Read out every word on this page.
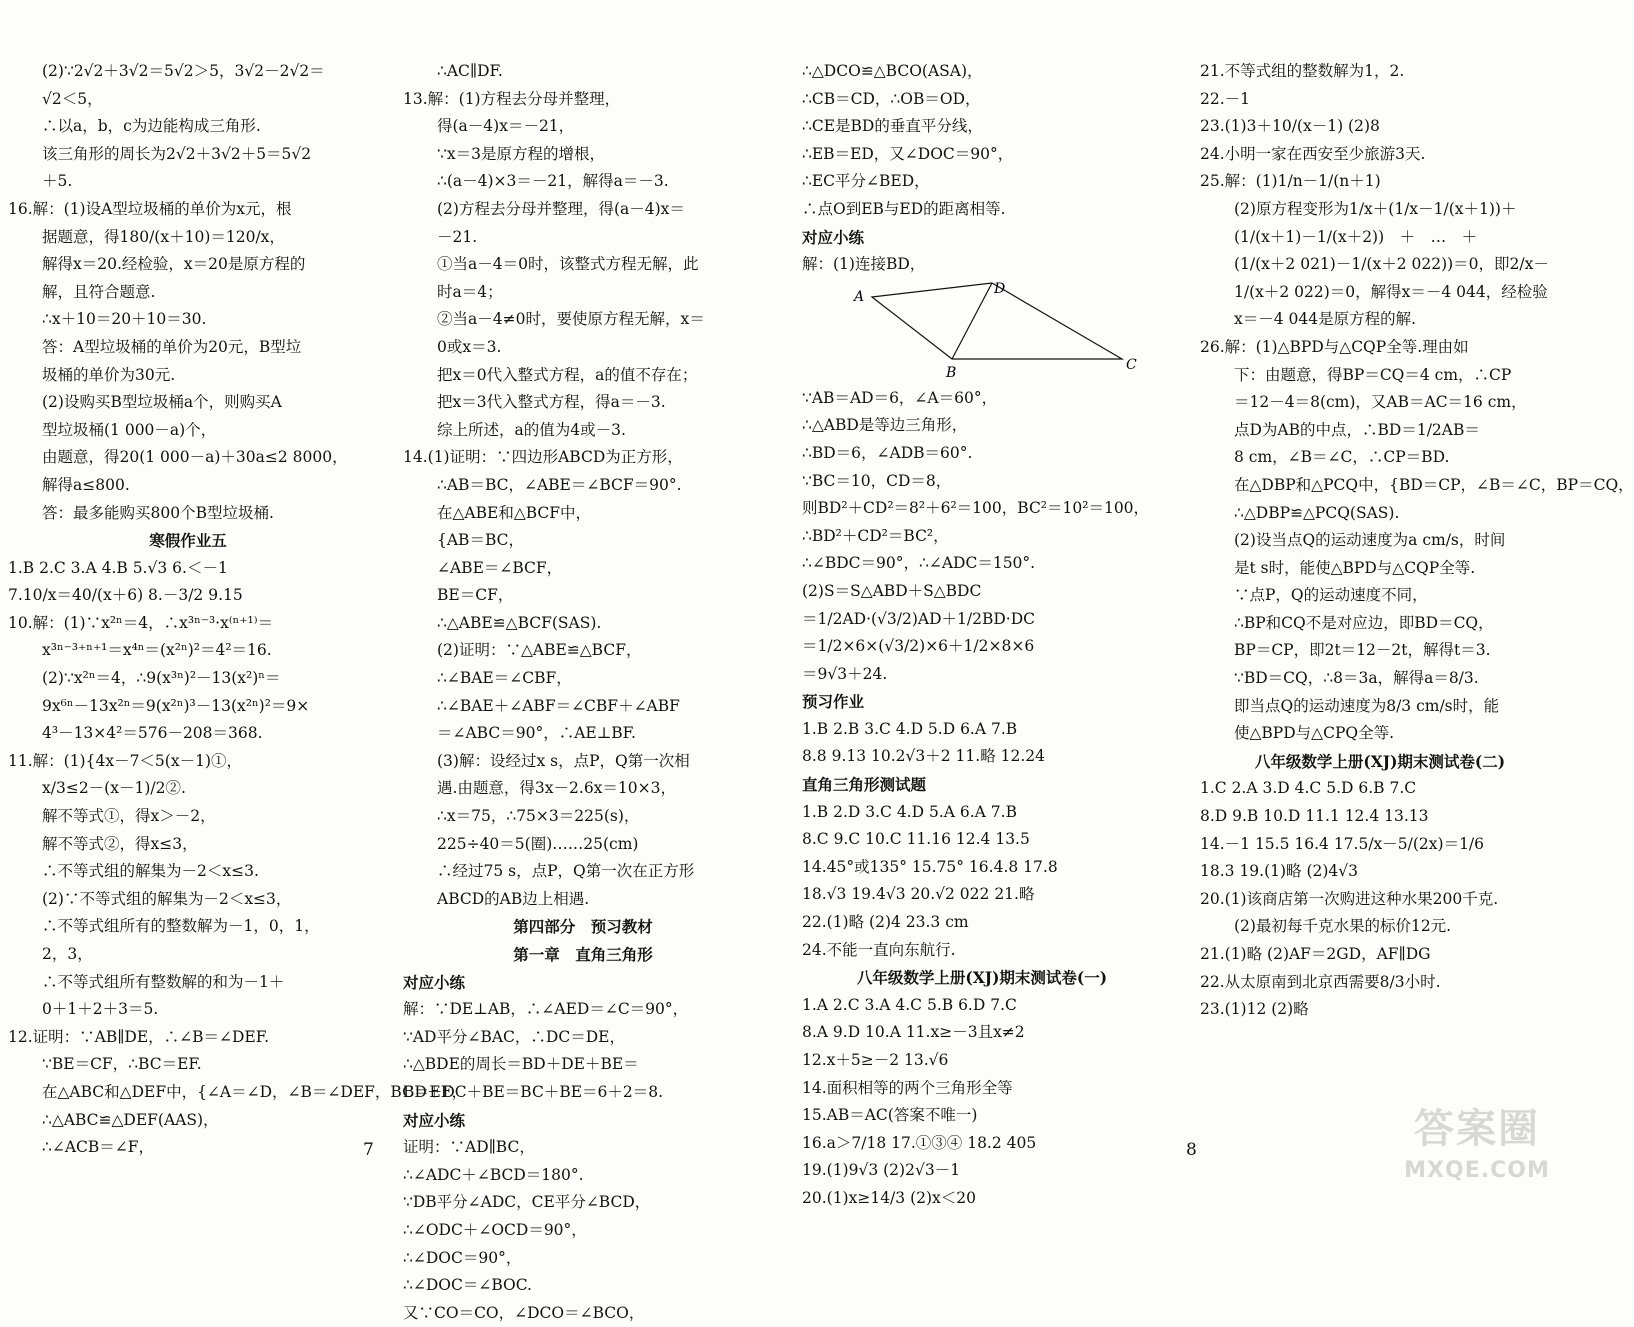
(2)∵2√2＋3√2＝5√2＞5，3√2－2√2＝
√2＜5，
∴以a，b，c为边能构成三角形.
该三角形的周长为2√2＋3√2＋5＝5√2
＋5.
16.解：(1)设A型垃圾桶的单价为x元，根
据题意，得180/(x＋10)＝120/x，
解得x＝20.经检验，x＝20是原方程的
解，且符合题意.
∴x＋10＝20＋10＝30.
答：A型垃圾桶的单价为20元，B型垃
圾桶的单价为30元.
(2)设购买B型垃圾桶a个，则购买A
型垃圾桶(1 000－a)个，
由题意，得20(1 000－a)＋30a≤2 8000，
解得a≤800.
答：最多能购买800个B型垃圾桶.
寒假作业五
1.B 2.C 3.A 4.B 5.√3 6.＜－1
7.10/x＝40/(x＋6) 8.－3/2 9.15
10.解：(1)∵x²ⁿ＝4，∴x³ⁿ⁻³·x⁽ⁿ⁺¹⁾＝
x³ⁿ⁻³⁺ⁿ⁺¹＝x⁴ⁿ＝(x²ⁿ)²＝4²＝16.
(2)∵x²ⁿ＝4，∴9(x³ⁿ)²－13(x²)ⁿ＝
9x⁶ⁿ－13x²ⁿ＝9(x²ⁿ)³－13(x²ⁿ)²＝9×
4³－13×4²＝576－208＝368.
11.解：(1){4x－7＜5(x－1)①，
x/3≤2－(x－1)/2②.
解不等式①，得x＞－2，
解不等式②，得x≤3，
∴不等式组的解集为－2＜x≤3.
(2)∵不等式组的解集为－2＜x≤3，
∴不等式组所有的整数解为－1，0，1，
2，3，
∴不等式组所有整数解的和为－1＋
0＋1＋2＋3＝5.
12.证明：∵AB∥DE，∴∠B＝∠DEF.
∵BE＝CF，∴BC＝EF.
在△ABC和△DEF中，{∠A＝∠D，∠B＝∠DEF，BC＝EF，
∴△ABC≌△DEF(AAS)，
∴∠ACB＝∠F，
∴AC∥DF.
13.解：(1)方程去分母并整理，
得(a－4)x＝－21，
∵x＝3是原方程的增根，
∴(a－4)×3＝－21，解得a＝－3.
(2)方程去分母并整理，得(a－4)x＝
－21.
①当a－4＝0时，该整式方程无解，此
时a＝4；
②当a－4≠0时，要使原方程无解，x＝
0或x＝3.
把x＝0代入整式方程，a的值不存在；
把x＝3代入整式方程，得a＝－3.
综上所述，a的值为4或－3.
14.(1)证明：∵四边形ABCD为正方形，
∴AB＝BC，∠ABE＝∠BCF＝90°.
在△ABE和△BCF中，
{AB＝BC，
∠ABE＝∠BCF，
BE＝CF，
∴△ABE≌△BCF(SAS).
(2)证明：∵△ABE≌△BCF，
∴∠BAE＝∠CBF，
∴∠BAE＋∠ABF＝∠CBF＋∠ABF
＝∠ABC＝90°，∴AE⊥BF.
(3)解：设经过x s，点P，Q第一次相
遇.由题意，得3x－2.6x＝10×3，
∴x＝75，∴75×3＝225(s)，
225÷40＝5(圈)……25(cm)
∴经过75 s，点P，Q第一次在正方形
ABCD的AB边上相遇.
第四部分　预习教材
第一章　直角三角形
对应小练
解：∵DE⊥AB，∴∠AED＝∠C＝90°，
∵AD平分∠BAC，∴DC＝DE，
∴△BDE的周长＝BD＋DE＋BE＝
BD＋DC＋BE＝BC＋BE＝6＋2＝8.
对应小练
证明：∵AD∥BC，
∴∠ADC＋∠BCD＝180°.
∵DB平分∠ADC，CE平分∠BCD，
∴∠ODC＋∠OCD＝90°，
∴∠DOC＝90°，
∴∠DOC＝∠BOC.
又∵CO＝CO，∠DCO＝∠BCO，
∴△DCO≌△BCO(ASA)，
∴CB＝CD，∴OB＝OD，
∴CE是BD的垂直平分线，
∴EB＝ED，又∠DOC＝90°，
∴EC平分∠BED，
∴点O到EB与ED的距离相等.
对应小练
解：(1)连接BD，
A	D
B	C
∵AB＝AD＝6，∠A＝60°，
∴△ABD是等边三角形，
∴BD＝6，∠ADB＝60°.
∵BC＝10，CD＝8，
则BD²＋CD²＝8²＋6²＝100，BC²＝10²＝100，
∴BD²＋CD²＝BC²，
∴∠BDC＝90°，∴∠ADC＝150°.
(2)S＝S△ABD＋S△BDC
＝1/2AD·(√3/2)AD＋1/2BD·DC
＝1/2×6×(√3/2)×6＋1/2×8×6
＝9√3＋24.
预习作业
1.B 2.B 3.C 4.D 5.D 6.A 7.B
8.8 9.13 10.2√3＋2 11.略 12.24
直角三角形测试题
1.B 2.D 3.C 4.D 5.A 6.A 7.B
8.C 9.C 10.C 11.16 12.4 13.5
14.45°或135° 15.75° 16.4.8 17.8
18.√3 19.4√3 20.√2 022 21.略
22.(1)略 (2)4 23.3 cm
24.不能一直向东航行.
八年级数学上册(XJ)期末测试卷(一)
1.A 2.C 3.A 4.C 5.B 6.D 7.C
8.A 9.D 10.A 11.x≥－3且x≠2
12.x＋5≥－2 13.√6
14.面积相等的两个三角形全等
15.AB＝AC(答案不唯一)
16.a＞7/18 17.①③④ 18.2 405
19.(1)9√3 (2)2√3－1
20.(1)x≥14/3 (2)x＜20
21.不等式组的整数解为1，2.
22.－1
23.(1)3＋10/(x－1) (2)8
24.小明一家在西安至少旅游3天.
25.解：(1)1/n－1/(n＋1)
(2)原方程变形为1/x＋(1/x－1/(x＋1))＋
(1/(x＋1)－1/(x＋2))　＋　…　＋
(1/(x＋2 021)－1/(x＋2 022))＝0，即2/x－
1/(x＋2 022)＝0，解得x＝－4 044，经检验
x＝－4 044是原方程的解.
26.解：(1)△BPD与△CQP全等.理由如
下：由题意，得BP＝CQ＝4 cm，∴CP
＝12－4＝8(cm)，又AB＝AC＝16 cm，
点D为AB的中点，∴BD＝1/2AB＝
8 cm，∠B＝∠C，∴CP＝BD.
在△DBP和△PCQ中，{BD＝CP，∠B＝∠C，BP＝CQ，
∴△DBP≌△PCQ(SAS).
(2)设当点Q的运动速度为a cm/s，时间
是t s时，能使△BPD与△CQP全等.
∵点P，Q的运动速度不同，
∴BP和CQ不是对应边，即BD＝CQ，
BP＝CP，即2t＝12－2t，解得t＝3.
∵BD＝CQ，∴8＝3a，解得a＝8/3.
即当点Q的运动速度为8/3 cm/s时，能
使△BPD与△CPQ全等.
八年级数学上册(XJ)期末测试卷(二)
1.C 2.A 3.D 4.C 5.D 6.B 7.C
8.D 9.B 10.D 11.1 12.4 13.13
14.－1 15.5 16.4 17.5/x－5/(2x)＝1/6
18.3 19.(1)略 (2)4√3
20.(1)该商店第一次购进这种水果200千克.
(2)最初每千克水果的标价12元.
21.(1)略 (2)AF＝2GD，AF∥DG
22.从太原南到北京西需要8/3小时.
23.(1)12 (2)略
7	8	答案圈
MXQE.COM
